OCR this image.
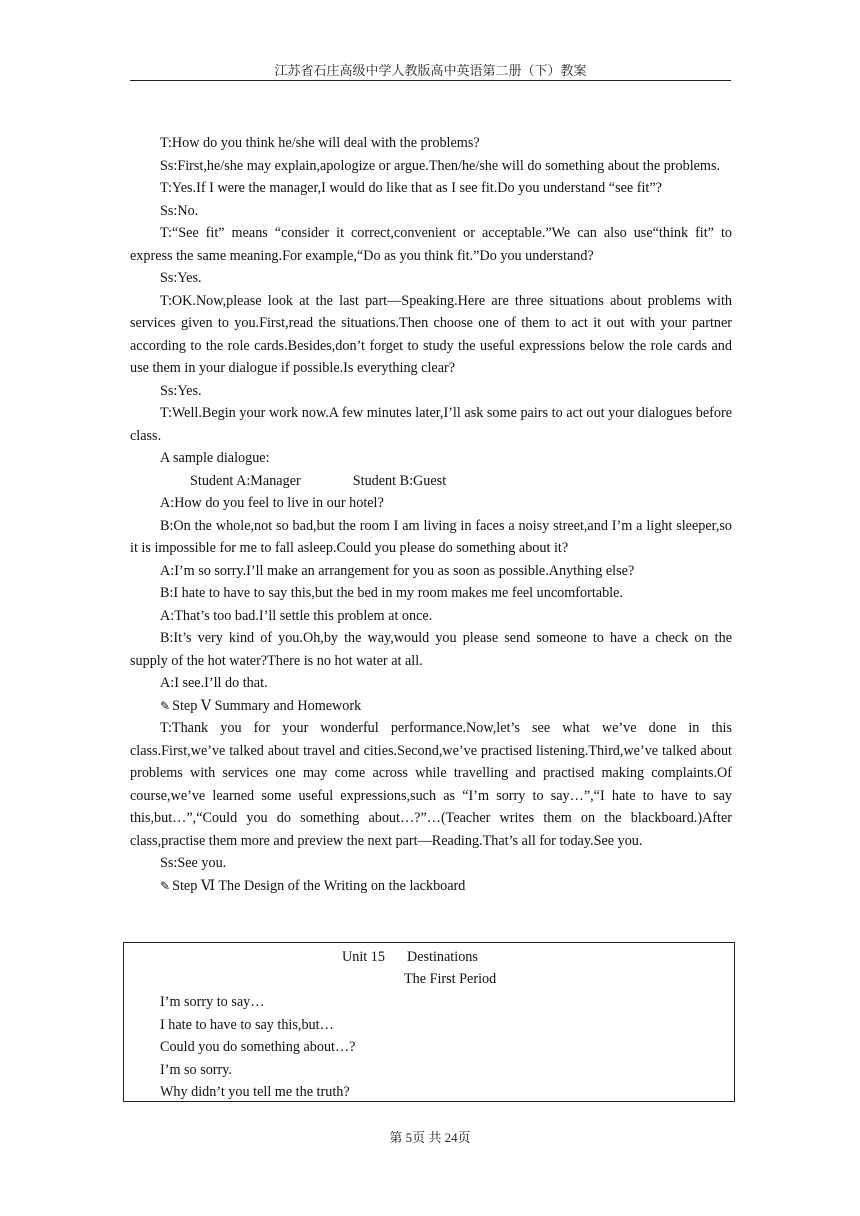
江苏省石庄高级中学人教版高中英语第二册（下）教案

T:How do you think he/she will deal with the problems?

Ss:First,he/she may explain,apologize or argue.Then/he/she will do something about the problems.

T:Yes.If I were the manager,I would do like that as I see fit.Do you understand “see fit”?

Ss:No.

T:“See fit” means “consider it correct,convenient or acceptable.”We can also use“think fit” to express the same meaning.For example,“Do as you think fit.”Do you understand?

Ss:Yes.

T:OK.Now,please look at the last part—Speaking.Here are three situations about problems with services given to you.First,read the situations.Then choose one of them to act it out with your partner according to the role cards.Besides,don’t forget to study the useful expressions below the role cards and use them in your dialogue if possible.Is everything clear?

Ss:Yes.

T:Well.Begin your work now.A few minutes later,I’ll ask some pairs to act out your dialogues before class.

A sample dialogue:

Student A:Manager	Student B:Guest

A:How do you feel to live in our hotel?

B:On the whole,not so bad,but the room I am living in faces a noisy street,and I’m a light sleeper,so it is impossible for me to fall asleep.Could you please do something about it?

A:I’m so sorry.I’ll make an arrangement for you as soon as possible.Anything else?

B:I hate to have to say this,but the bed in my room makes me feel uncomfortable.

A:That’s too bad.I’ll settle this problem at once.

B:It’s very kind of you.Oh,by the way,would you please send someone to have a check on the supply of the hot water?There is no hot water at all.

A:I see.I’ll do that.

✎ Step Ⅴ Summary and Homework

T:Thank you for your wonderful performance.Now,let’s see what we’ve done in this class.First,we’ve talked about travel and cities.Second,we’ve practised listening.Third,we’ve talked about problems with services one may come across while travelling and practised making complaints.Of course,we’ve learned some useful expressions,such as “I’m sorry to say…”,“I hate to have to say this,but…”,“Could you do something about…?”…(Teacher writes them on the blackboard.)After class,practise them more and preview the next part—Reading.That’s all for today.See you.

Ss:See you.

✎ Step Ⅵ The Design of the Writing on the lackboard

Unit 15 Destinations
The First Period
I’m sorry to say…
I hate to have to say this,but…
Could you do something about…?
I’m so sorry.
Why didn’t you tell me the truth?
第 5页 共 24页
